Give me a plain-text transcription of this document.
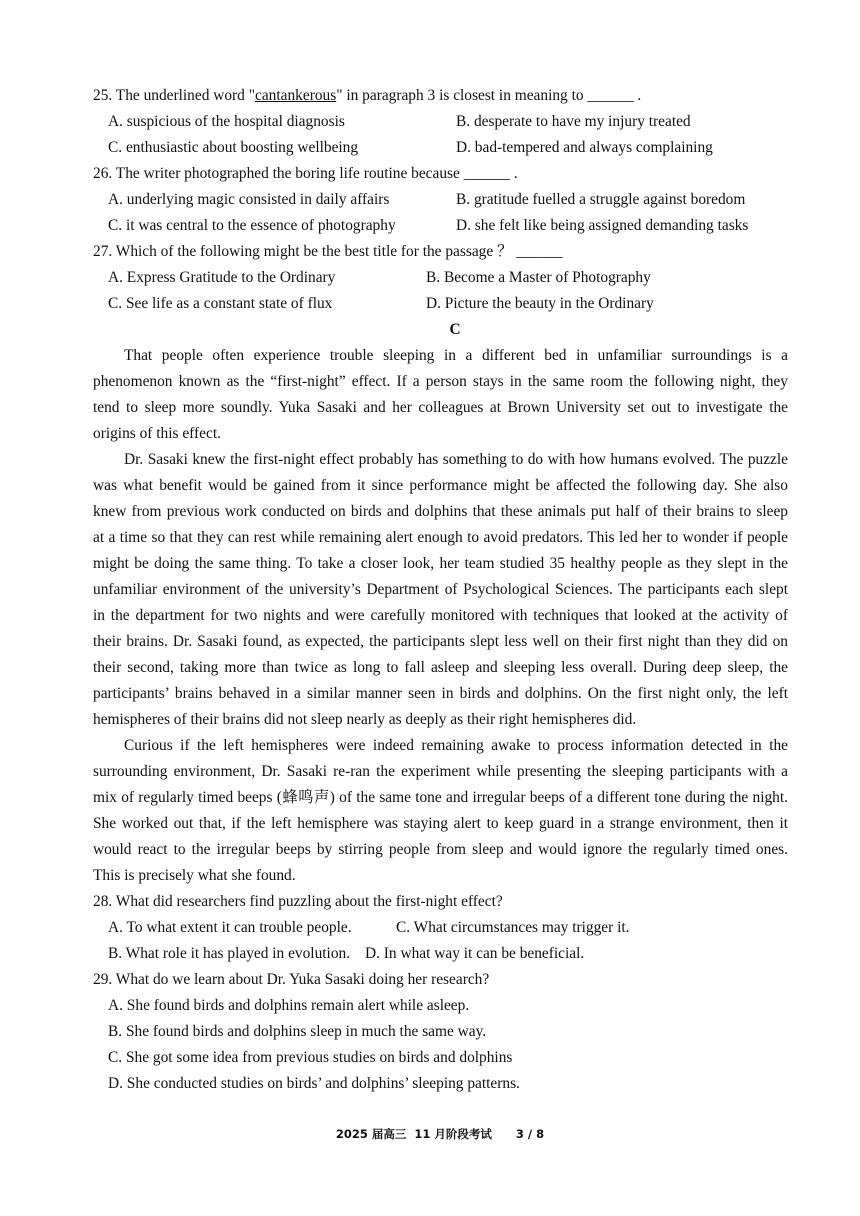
25. The underlined word "cantankerous" in paragraph 3 is closest in meaning to ______ .
A. suspicious of the hospital diagnosis	B. desperate to have my injury treated
C. enthusiastic about boosting wellbeing	D. bad-tempered and always complaining
26. The writer photographed the boring life routine because ______ .
A. underlying magic consisted in daily affairs	B. gratitude fuelled a struggle against boredom
C. it was central to the essence of photography	D. she felt like being assigned demanding tasks
27. Which of the following might be the best title for the passage ？ ______
A. Express Gratitude to the Ordinary	B. Become a Master of Photography
C. See life as a constant state of flux	D. Picture the beauty in the Ordinary
C
That people often experience trouble sleeping in a different bed in unfamiliar surroundings is a
phenomenon known as the “first-night” effect. If a person stays in the same room the following night, they
tend to sleep more soundly. Yuka Sasaki and her colleagues at Brown University set out to investigate the
origins of this effect.
Dr. Sasaki knew the first-night effect probably has something to do with how humans evolved. The puzzle
was what benefit would be gained from it since performance might be affected the following day. She also
knew from previous work conducted on birds and dolphins that these animals put half of their brains to sleep
at a time so that they can rest while remaining alert enough to avoid predators. This led her to wonder if people
might be doing the same thing. To take a closer look, her team studied 35 healthy people as they slept in the
unfamiliar environment of the university’s Department of Psychological Sciences. The participants each slept
in the department for two nights and were carefully monitored with techniques that looked at the activity of
their brains. Dr. Sasaki found, as expected, the participants slept less well on their first night than they did on
their second, taking more than twice as long to fall asleep and sleeping less overall. During deep sleep, the
participants’ brains behaved in a similar manner seen in birds and dolphins. On the first night only, the left
hemispheres of their brains did not sleep nearly as deeply as their right hemispheres did.
Curious if the left hemispheres were indeed remaining awake to process information detected in the
surrounding environment, Dr. Sasaki re-ran the experiment while presenting the sleeping participants with a
mix of regularly timed beeps (蜂鸣声) of the same tone and irregular beeps of a different tone during the night.
She worked out that, if the left hemisphere was staying alert to keep guard in a strange environment, then it
would react to the irregular beeps by stirring people from sleep and would ignore the regularly timed ones.
This is precisely what she found.
28. What did researchers find puzzling about the first-night effect?
A. To what extent it can trouble people.	C. What circumstances may trigger it.
B. What role it has played in evolution. D. In what way it can be beneficial.
29. What do we learn about Dr. Yuka Sasaki doing her research?
A. She found birds and dolphins remain alert while asleep.
B. She found birds and dolphins sleep in much the same way.
C. She got some idea from previous studies on birds and dolphins
D. She conducted studies on birds’ and dolphins’ sleeping patterns.
2025 届高三  11 月阶段考试      3 / 8
